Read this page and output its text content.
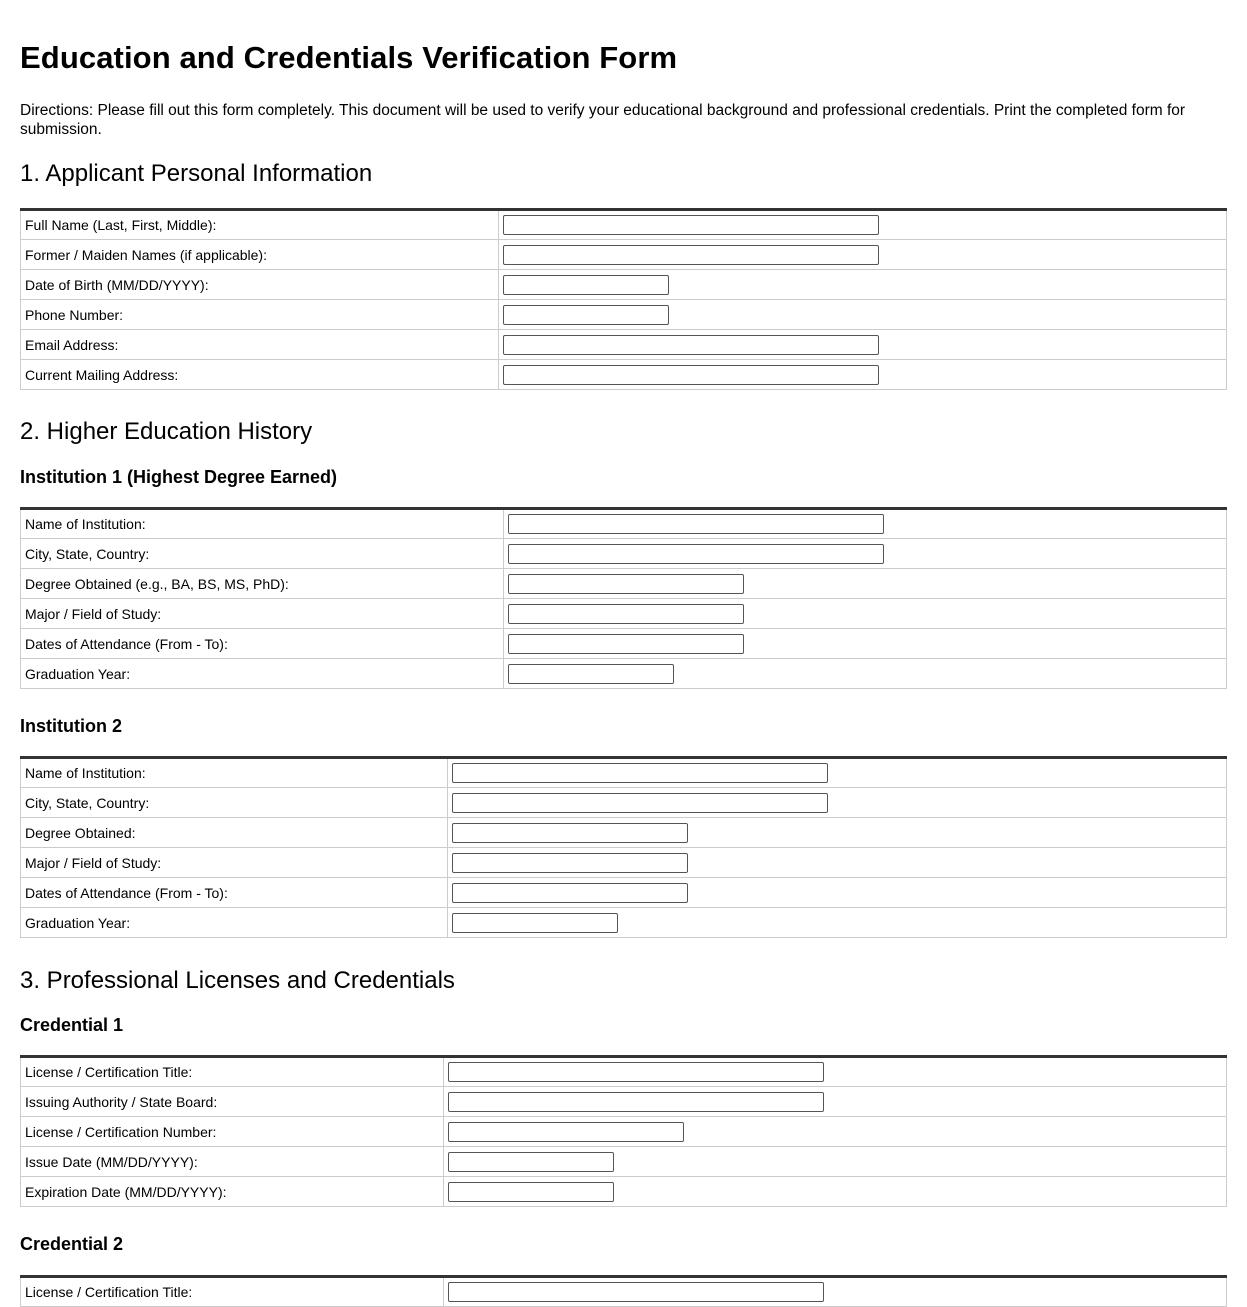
Education and Credentials Verification Form

Directions: Please fill out this form completely. This document will be used to verify your educational background and professional credentials. Print the completed form for submission.

1. Applicant Personal Information
Full Name (Last, First, Middle):	

Former / Maiden Names (if applicable):	

Date of Birth (MM/DD/YYYY):	

Phone Number:	

Email Address:	

Current Mailing Address:	
2. Higher Education History
Institution 1 (Highest Degree Earned)
Name of Institution:	

City, State, Country:	

Degree Obtained (e.g., BA, BS, MS, PhD):	

Major / Field of Study:	

Dates of Attendance (From - To):	

Graduation Year:	
Institution 2
Name of Institution:	

City, State, Country:	

Degree Obtained:	

Major / Field of Study:	

Dates of Attendance (From - To):	

Graduation Year:	
3. Professional Licenses and Credentials
Credential 1
License / Certification Title:	

Issuing Authority / State Board:	

License / Certification Number:	

Issue Date (MM/DD/YYYY):	

Expiration Date (MM/DD/YYYY):	
Credential 2
License / Certification Title:	
